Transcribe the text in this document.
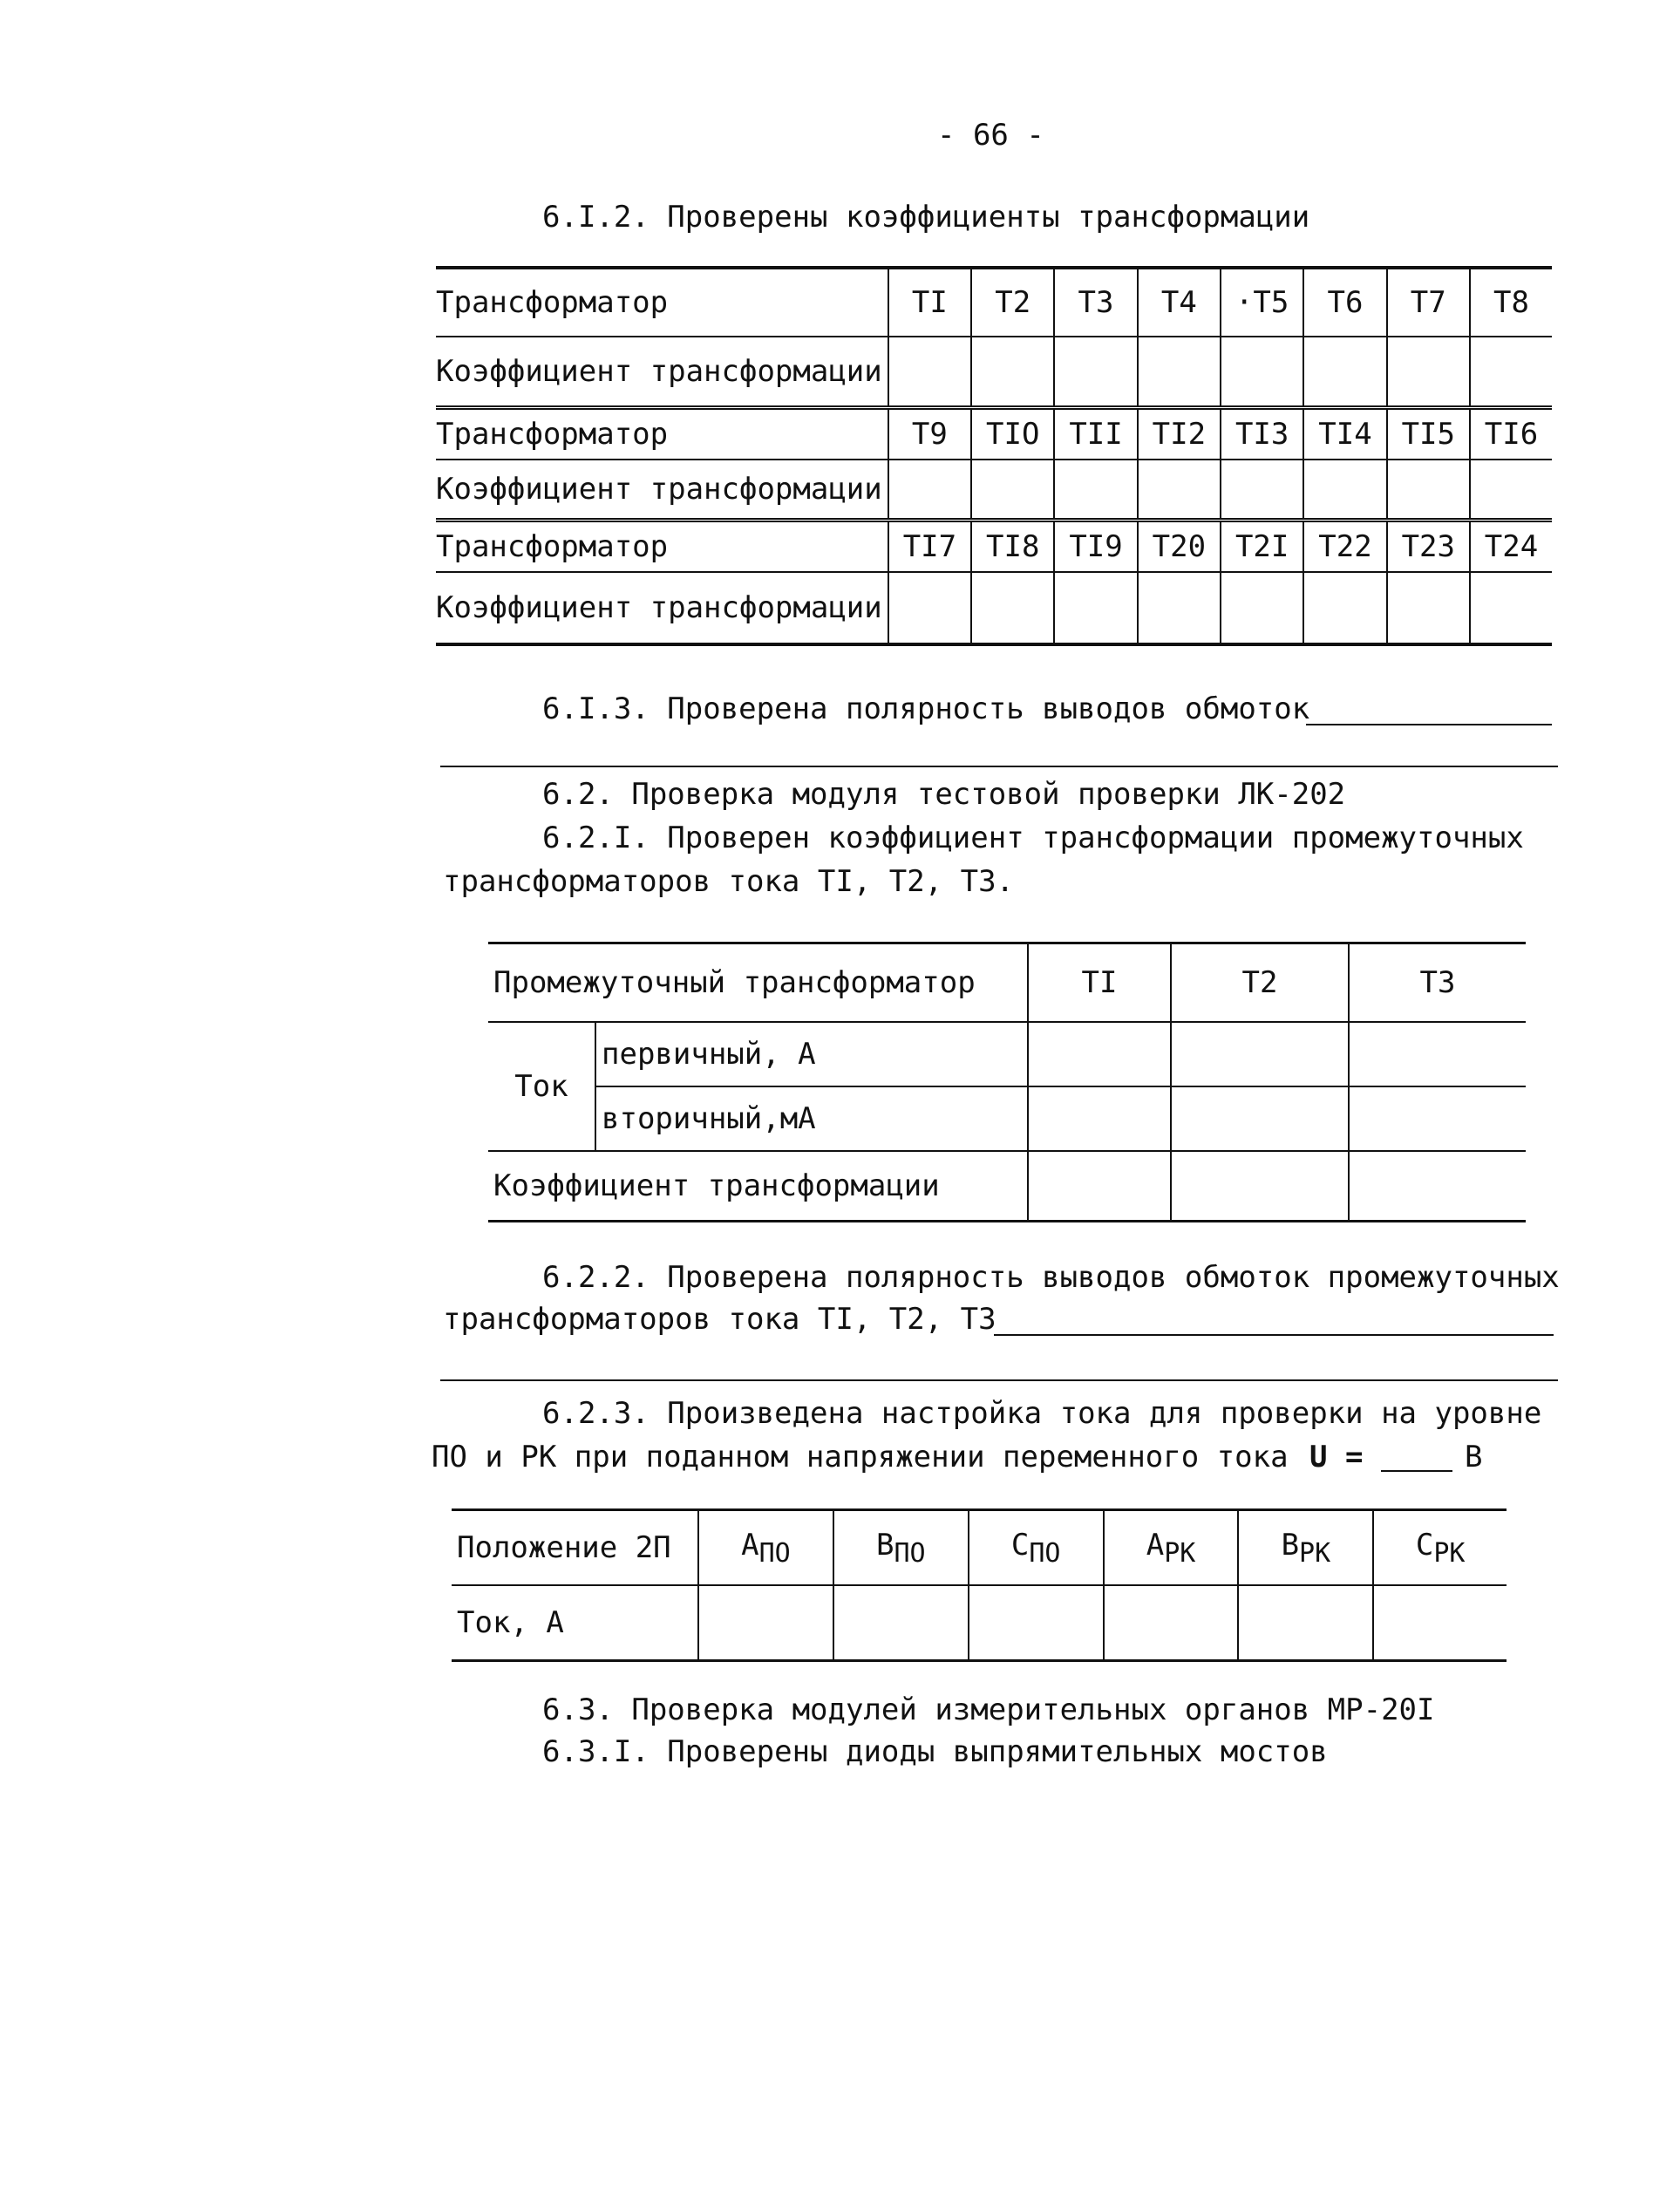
- 66 -
6.I.2. Проверены коэффициенты трансформации
Трансформатор	TI	T2	T3	T4	·T5	T6	T7	T8
Коэффициент трансформации								
Трансформатор	T9	TIO	TII	TI2	TI3	TI4	TI5	TI6
Коэффициент трансформации								
Трансформатор	TI7	TI8	TI9	T20	T2I	T22	T23	T24
Коэффициент трансформации								
6.I.3. Проверена полярность выводов обмоток
6.2. Проверка модуля тестовой проверки ЛК-202
6.2.I. Проверен коэффициент трансформации промежуточных
трансформаторов тока TI, T2, T3.
Промежуточный трансформатор		TI	T2	T3
Ток	первичный, А			
	вторичный,мА			
Коэффициент трансформации				
6.2.2. Проверена полярность выводов обмоток промежуточных
трансформаторов тока TI, T2, T3
6.2.3. Произведена настройка тока для проверки на уровне
ПО и РК при поданном напряжении переменного тока U =	В
Положение 2П	$A_{ПО}$	$B_{ПО}$	$C_{ПО}$	$A_{РК}$	$B_{РК}$	$C_{РК}$
Ток, А						
6.3. Проверка модулей измерительных органов МР-20I
6.3.I. Проверены диоды выпрямительных мостов
